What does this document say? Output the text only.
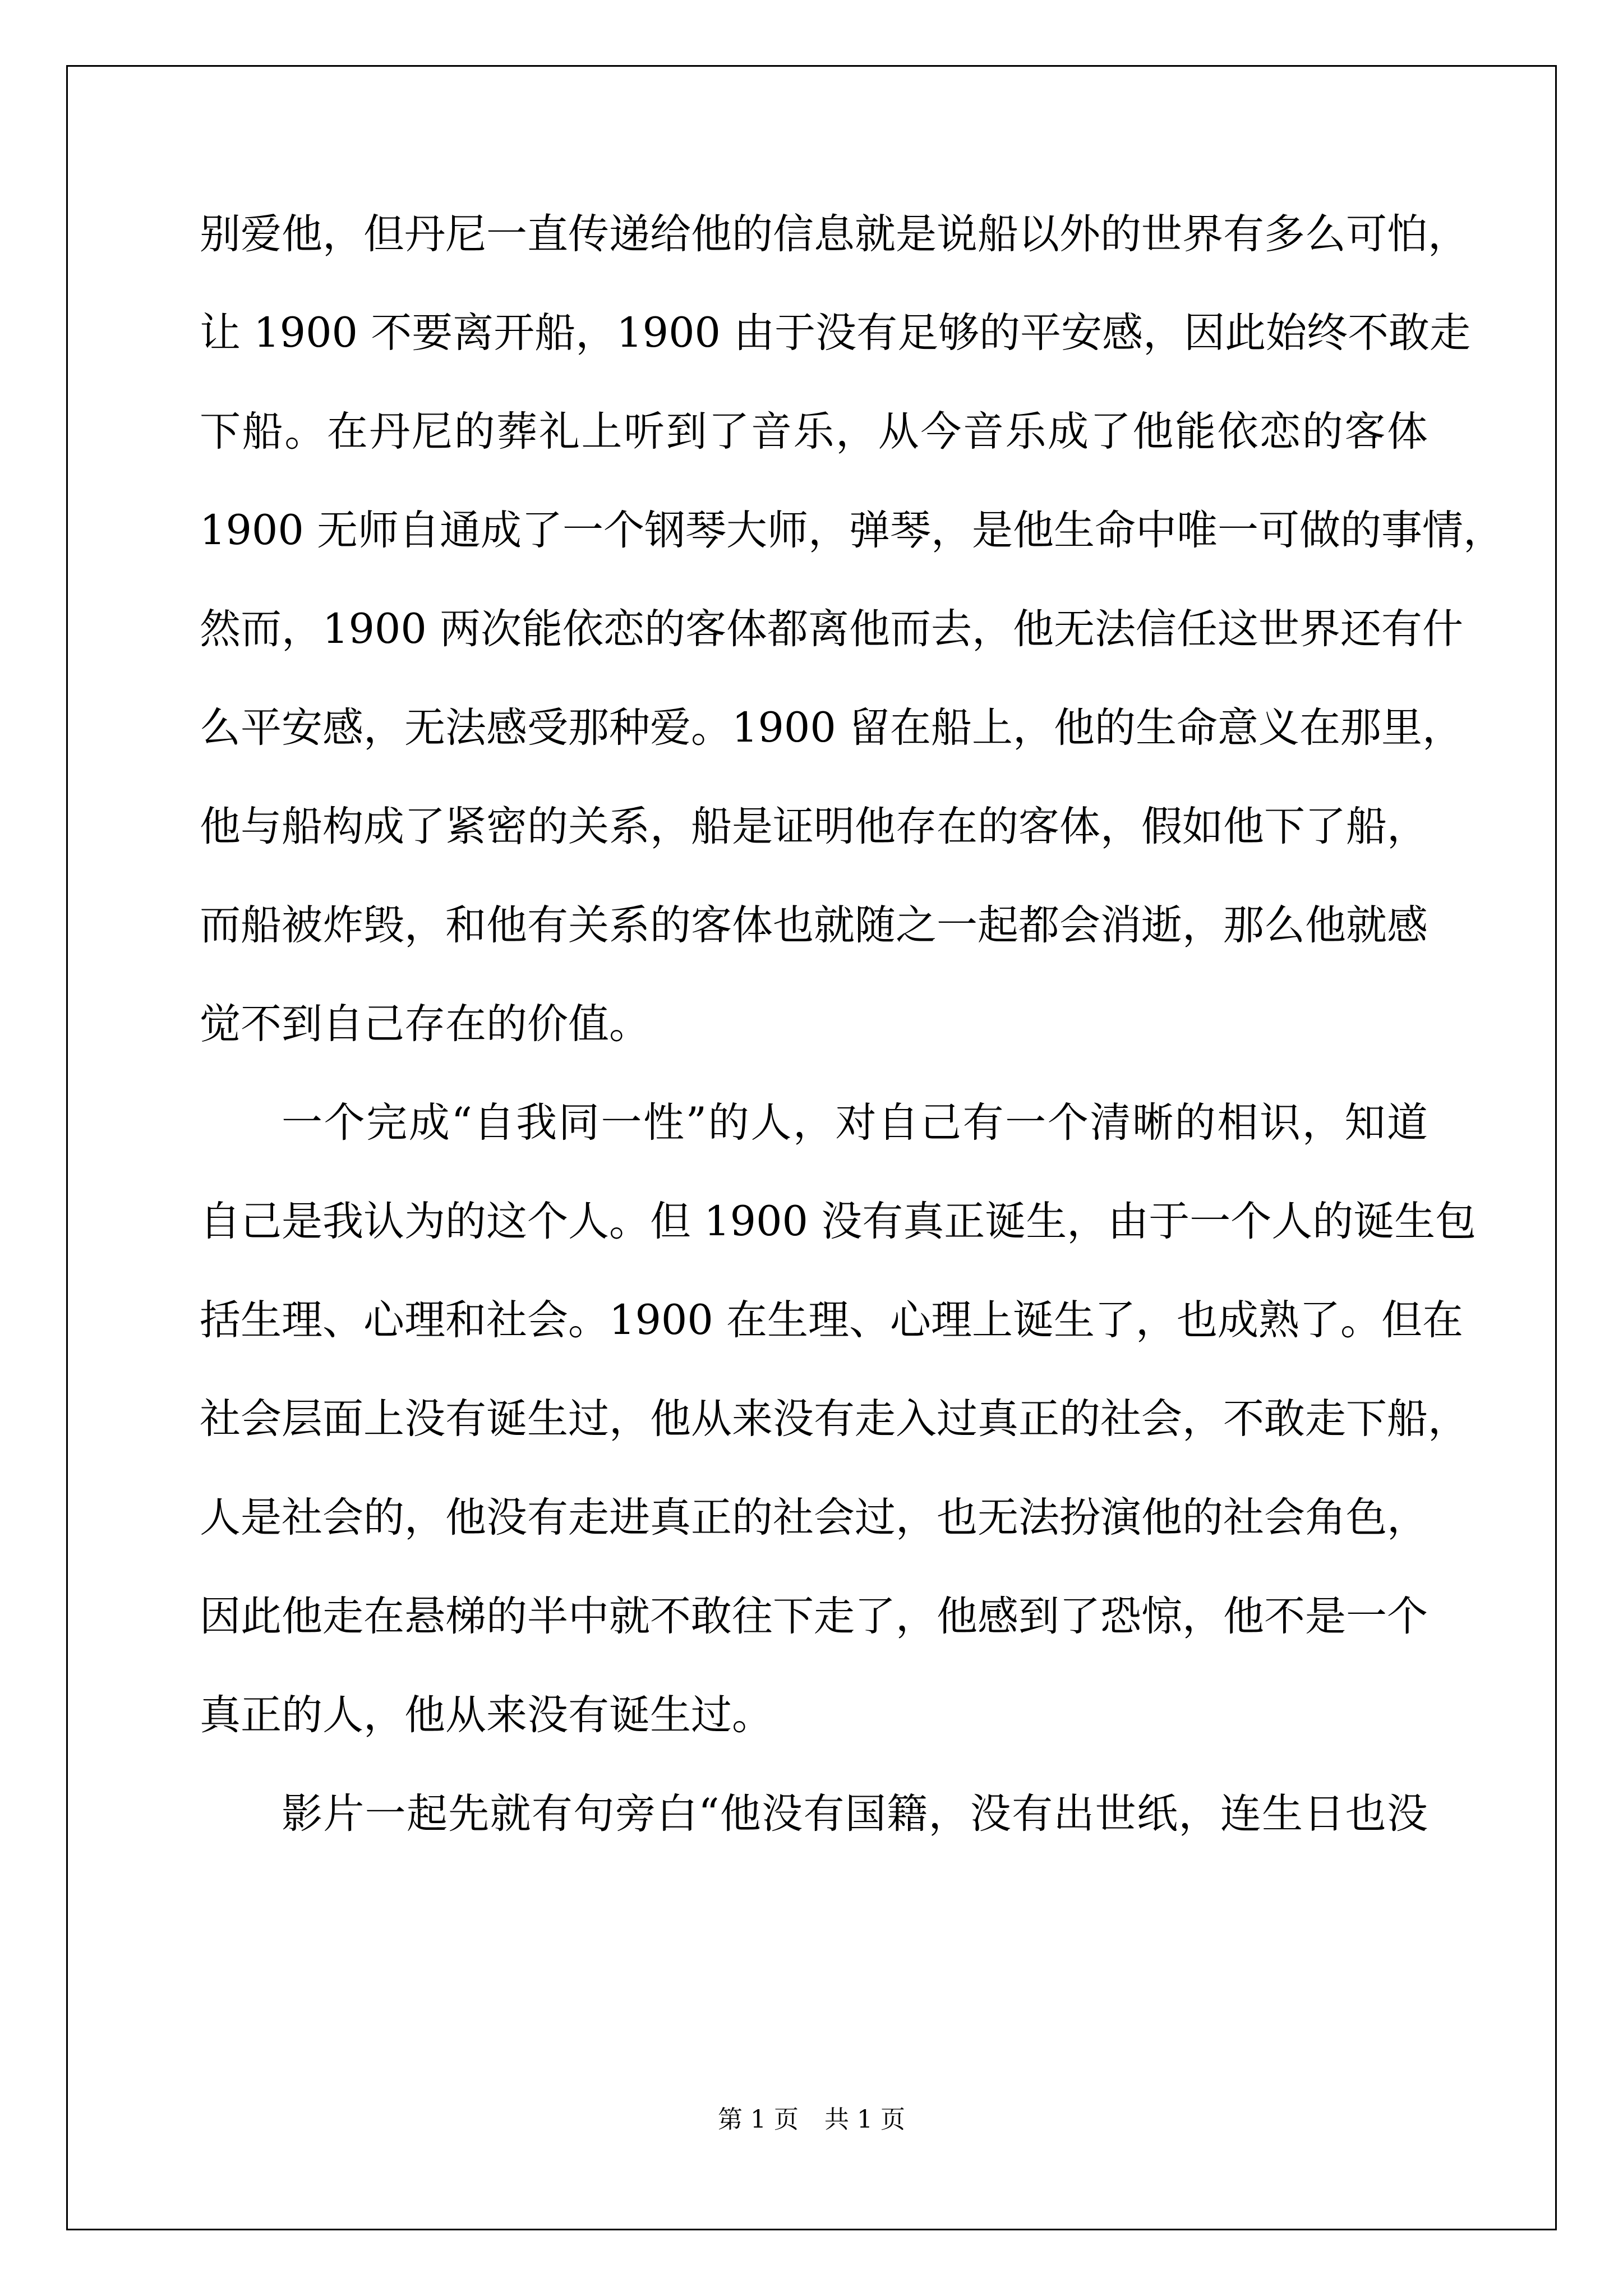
别爱他，但丹尼一直传递给他的信息就是说船以外的世界有多么可怕，
让 1900 不要离开船，1900 由于没有足够的平安感，因此始终不敢走
下船。在丹尼的葬礼上听到了音乐，从今音乐成了他能依恋的客体
1900 无师自通成了一个钢琴大师，弹琴，是他生命中唯一可做的事情，
然而，1900 两次能依恋的客体都离他而去，他无法信任这世界还有什
么平安感，无法感受那种爱。1900 留在船上，他的生命意义在那里，
他与船构成了紧密的关系，船是证明他存在的客体，假如他下了船，
而船被炸毁，和他有关系的客体也就随之一起都会消逝，那么他就感
觉不到自己存在的价值。
一个完成“自我同一性”的人，对自己有一个清晰的相识，知道
自己是我认为的这个人。但 1900 没有真正诞生，由于一个人的诞生包
括生理、心理和社会。1900 在生理、心理上诞生了，也成熟了。但在
社会层面上没有诞生过，他从来没有走入过真正的社会，不敢走下船，
人是社会的，他没有走进真正的社会过，也无法扮演他的社会角色，
因此他走在悬梯的半中就不敢往下走了，他感到了恐惊，他不是一个
真正的人，他从来没有诞生过。
影片一起先就有句旁白“他没有国籍，没有出世纸，连生日也没
第 1 页 共 1 页
